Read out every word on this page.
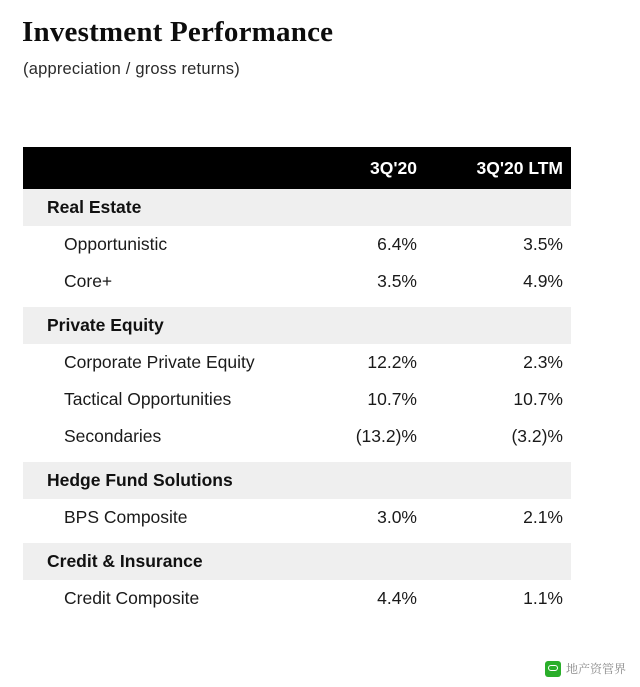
Investment Performance
(appreciation / gross returns)
	3Q'20	3Q'20 LTM
Real Estate		
Opportunistic	6.4%	3.5%
Core+	3.5%	4.9%

Private Equity		
Corporate Private Equity	12.2%	2.3%
Tactical Opportunities	10.7%	10.7%
Secondaries	(13.2)%	(3.2)%

Hedge Fund Solutions		
BPS Composite	3.0%	2.1%

Credit & Insurance		
Credit Composite	4.4%	1.1%
地产资管界
